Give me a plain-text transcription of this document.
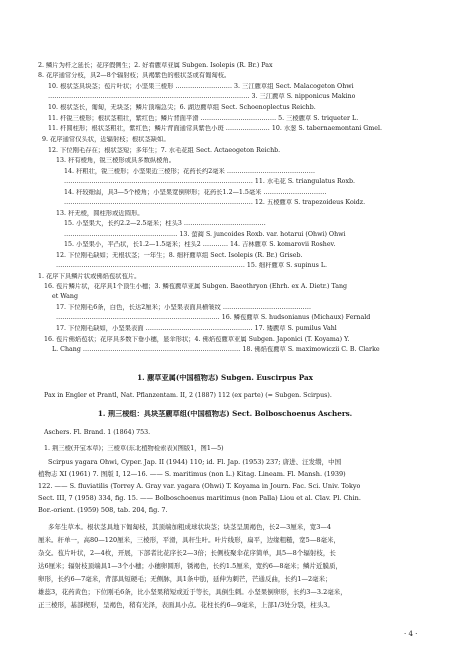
2. 鳞片为杆之延长；花序假侧生；2. 好看藨草亚属 Subgen. Isolepis (R. Br.) Pax
8. 花序通常分枝，具2—8个辐射枝；具褐紫色的根状茎或有匍匐枝。
10. 根状茎具块茎；苞片叶状；小坚果三棱形 ……………………… 3. 三江藨草组 Sect. Malacogeton Ohwi
…………………………………………………………………………………… 3. 三江藨草 S. nipponicus Makino
10. 根状茎长，匍匐，无块茎；鳞片顶端急尖；6. 湖边藨草组 Sect. Schoenoplectus Reichb.
11. 杆锐三棱形；根状茎粗壮，紫红色；鳞片背面平滑 ……………………………… 5. 三棱藨草 S. triqueter L.
11. 杆圆柱形；根状茎粗壮，紫红色；鳞片背面通常具紫色小斑 ………………… 10. 水葱 S. tabernaemontani Gmel.
9. 花序通常仅头状，近辐射枝；根状茎缺如。
12. 下位刚毛存在；根状茎短；多年生；7. 水毛花组 Sect. Actaeogeton Reichb.
13. 秆有棱角，锐三棱形或具多数纵棱角。
14. 秆粗壮，锐三棱形；小坚果近三棱形；花药长约2毫米 ……………………………………
……………………………………………………………………………… 11. 水毛花 S. triangulatus Roxb.
14. 秆较细弱，具3—5个棱角；小坚果宽倒卵形；花药长1.2—1.5毫米 …………………………
……………………………………………………………………………… 12. 五棱藨草 S. trapezoideus Koidz.
13. 秆无棱，圆柱形或近圆形。
15. 小坚果大，长约2.2—2.5毫米；柱头3 …………………………………
……………………………………………… 13. 萤蔺 S. juncoides Roxb. var. hotarui (Ohwi) Ohwi
15. 小坚果小，平凸状，长1.2—1.5毫米；柱头2 ………… 14. 吉林藨草 S. komarovii Roshev.
12. 下位刚毛缺如；无根状茎；一年生；8. 细秆藨草组 Sect. Isolepis (R. Br.) Griseb.
……………………………………………………………………………… 15. 细秆藨草 S. supinus L.
1. 花序下具鳞片状或佛焰苞状苞片。
16. 苞片鳞片状，花序具1个顶生小穗；3. 鳞苞藨草亚属 Subgen. Baeothryon (Ehrh. ex A. Dietr.) Tang
et Wang
17. 下位刚毛6条，白色，长达2厘米；小坚果表面具横皱纹 ……………………………………
…………………………………………………………………… 16. 鳞苞藨草 S. hudsonianus (Michaux) Fernald
17. 下位刚毛缺如，小坚果表面 …………………………………………… 17. 矮藨草 S. pumilus Vahl
16. 苞片佛焰苞状；花序具多数下垂小穗，显伞形状；4. 佛焰苞藨草亚属 Subgen. Japonici (T. Koyama) Y.
L. Chang ………………………………………………………………… 18. 佛焰苞藨草 S. maximowiczii C. B. Clarke
1. 藨草亚属(中国植物志) Subgen. Euscirpus Pax
Pax in Engler et Prantl, Nat. Pflanzentam. II, 2 (1887) 112 (ex parte) (= Subgen. Scirpus).
1. 荆三棱组：具块茎藨草组(中国植物志) Sect. Bolboschoenus Aschers.
Aschers. Fl. Brand. 1 (1864) 753.
1. 荆三棱(开宝本草)；三棱草(东北植物检索表)(图版1，图1—5)
Scirpus yagara Ohwi, Cyper. Jap. II (1944) 110; id. Fl. Jap. (1953) 237; 唐进、汪发缵，中国
植物志 XI (1961) 7. 图版 I, 12—16. —— S. maritimus (non L.) Kitag. Lineam. Fl. Mansh. (1939)
122. —— S. fluviatilis (Torrey A. Gray var. yagara (Ohwi) T. Koyama in Journ. Fac. Sci. Univ. Tokyo
Sect. III, 7 (1958) 334, fig. 15. —— Bolboschoenus maritimus (non Palla) Liou et al. Clav. Pl. Chin.
Bor.-orient. (1959) 508, tab. 204, fig. 7.
多年生草本。根状茎具地下匍匐枝，其顶端加粗成球状块茎；块茎呈黑褐色，长2—3厘米，宽3—4
厘米。秆单一，高80—120厘米，三棱形，平滑，具秆生叶。叶片线形，扁平，边缘粗糙，宽5—8毫米，
杂交。苞片叶状，2—4枚，开展，下部者比花序长2—3倍；长侧枝聚伞花序简单，具5—8个辐射枝，长
达6厘米；辐射枝顶端具1—3个小穗；小穗卵圆形，锈褐色，长约1.5厘米，宽约6—8毫米；鳞片近膜质，
卵形，长约6—7毫米，背部具短硬毛；无侧脉，具1条中肋，延伸为刺芒，芒通反曲，长约1—2毫米；
雄蕊3，花药黄色；下位刚毛6条，比小坚果稍短或近于等长，具倒生刺。小坚果倒卵形，长约3—3.2毫米，
正三棱形，基部楔形，呈褐色，稍有光泽，表面具小点。花柱长约6—9毫米，上部1/3处分裂，柱头3。
· 4 ·
